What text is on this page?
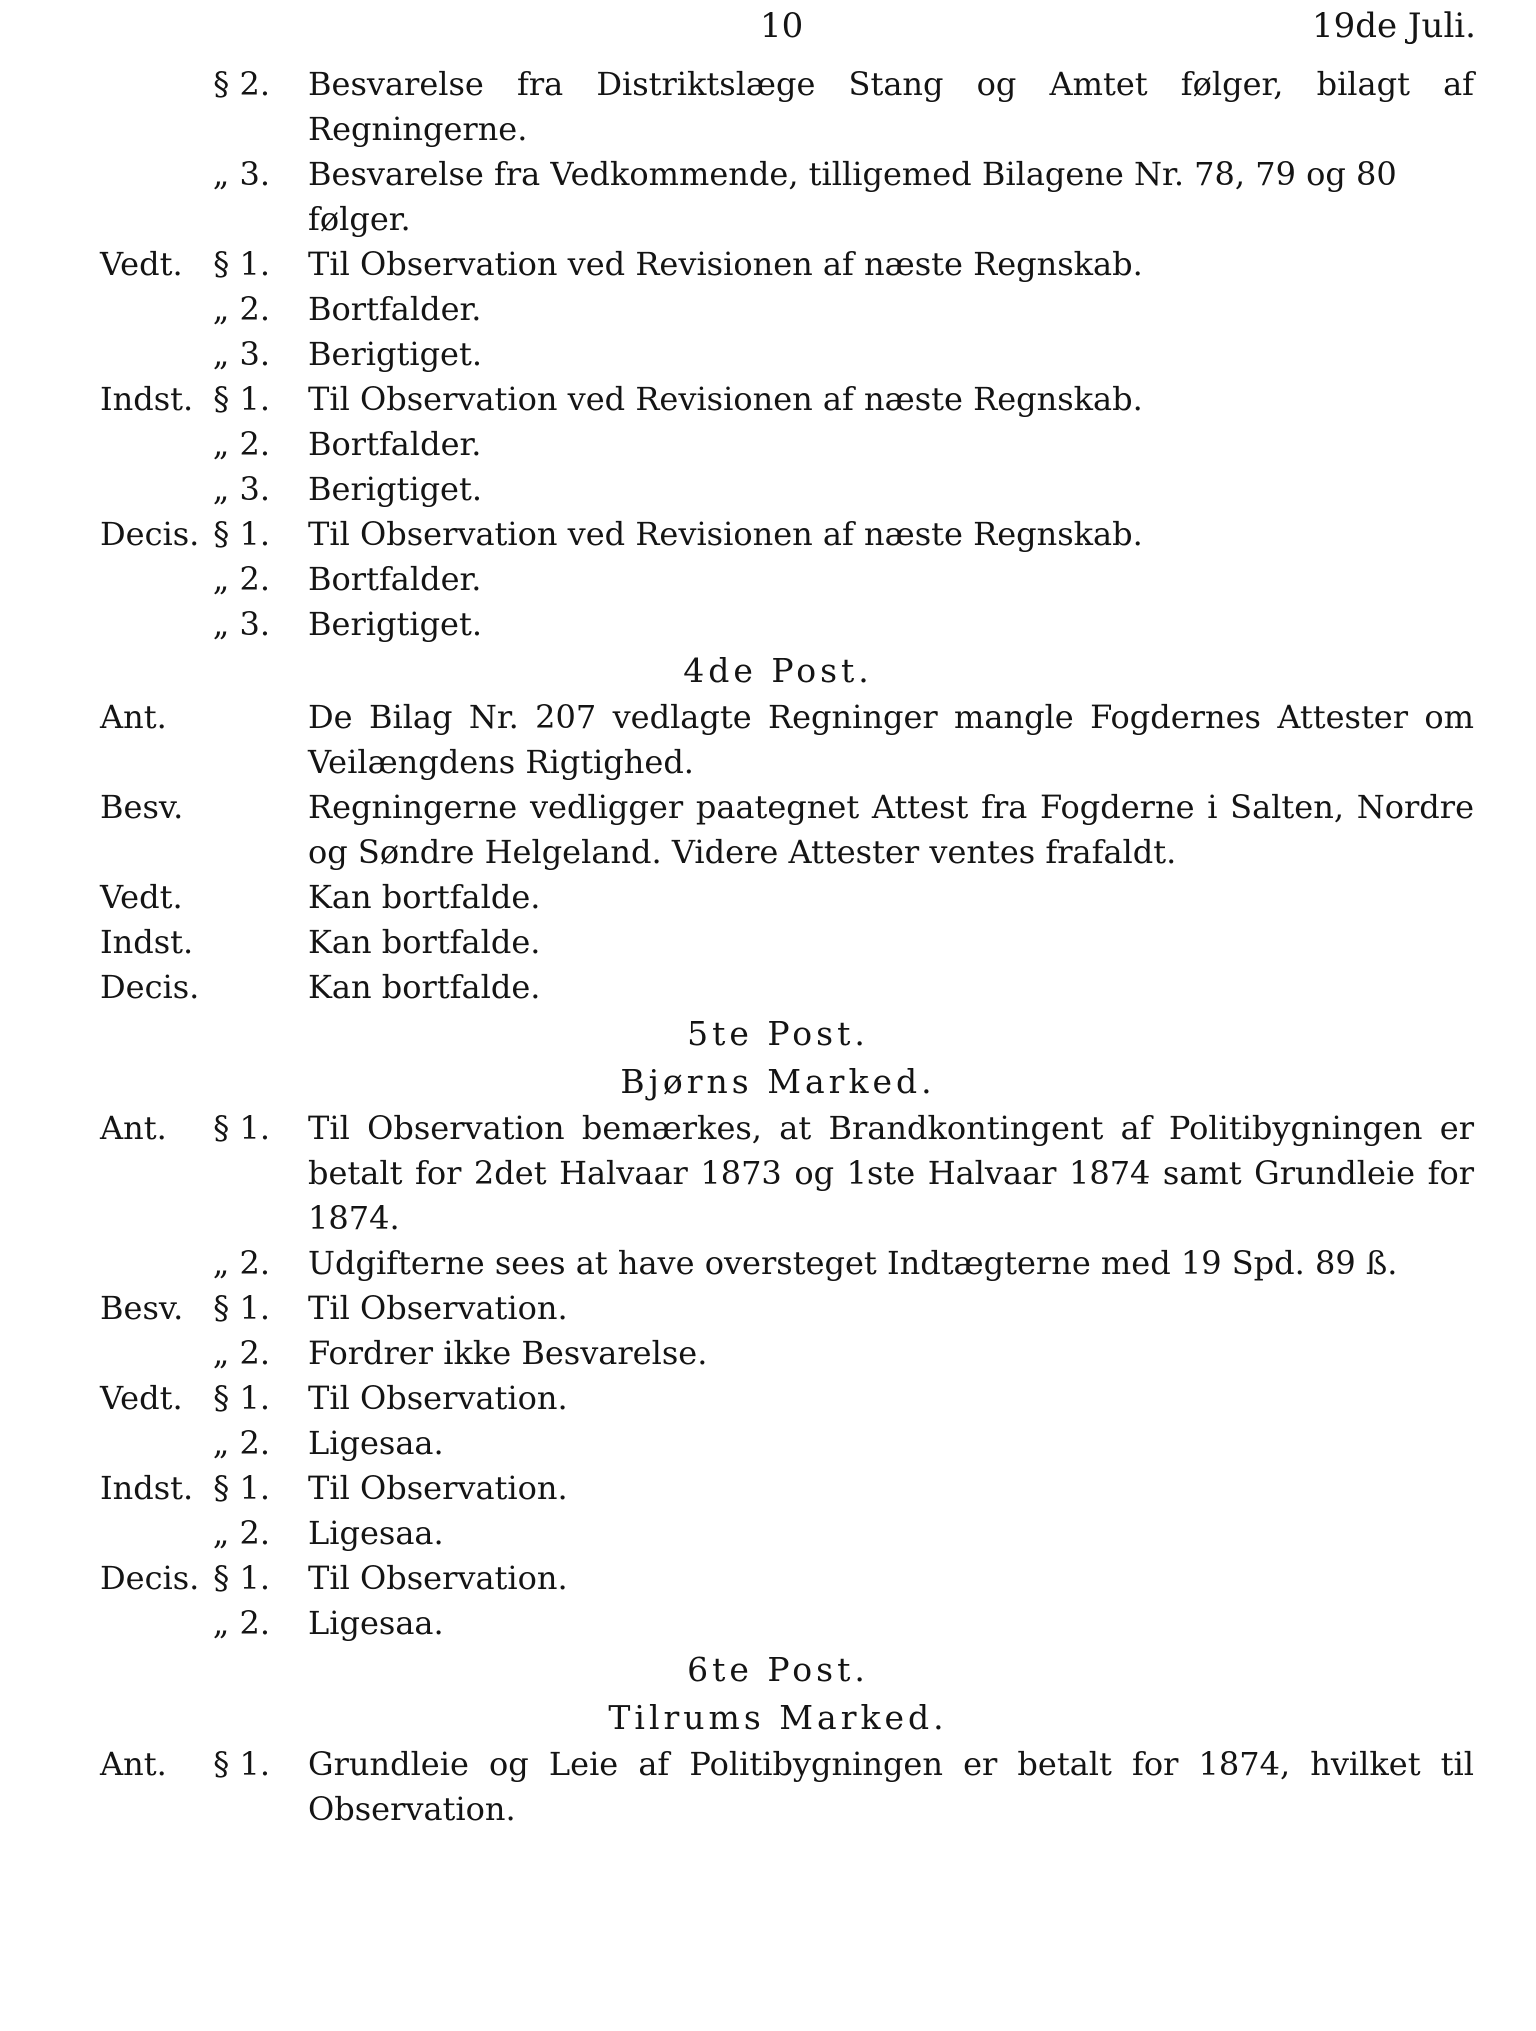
10	19de Juli.
§ 2. Besvarelse fra Distriktslæge Stang og Amtet følger, bilagt af Regningerne.
„ 3. Besvarelse fra Vedkommende, tilligemed Bilagene Nr. 78, 79 og 80 følger.
Vedt. § 1. Til Observation ved Revisionen af næste Regnskab.
„ 2. Bortfalder.
„ 3. Berigtiget.
Indst. § 1. Til Observation ved Revisionen af næste Regnskab.
„ 2. Bortfalder.
„ 3. Berigtiget.
Decis. § 1. Til Observation ved Revisionen af næste Regnskab.
„ 2. Bortfalder.
„ 3. Berigtiget.
4de Post.
Ant.	De Bilag Nr. 207 vedlagte Regninger mangle Fogdernes Attester om Veilængdens Rigtighed.
Besv.	Regningerne vedligger paategnet Attest fra Fogderne i Salten, Nordre og Søndre Helgeland. Videre Attester ventes frafaldt.
Vedt.	Kan bortfalde.
Indst.	Kan bortfalde.
Decis.	Kan bortfalde.
5te Post.
Bjørns Marked.
Ant. § 1. Til Observation bemærkes, at Brandkontingent af Politibygningen er betalt for 2det Halvaar 1873 og 1ste Halvaar 1874 samt Grundleie for 1874.
„ 2. Udgifterne sees at have oversteget Indtægterne med 19 Spd. 89 ß.
Besv. § 1. Til Observation.
„ 2. Fordrer ikke Besvarelse.
Vedt. § 1. Til Observation.
„ 2. Ligesaa.
Indst. § 1. Til Observation.
„ 2. Ligesaa.
Decis. § 1. Til Observation.
„ 2. Ligesaa.
6te Post.
Tilrums Marked.
Ant. § 1. Grundleie og Leie af Politibygningen er betalt for 1874, hvilket til Observation.
